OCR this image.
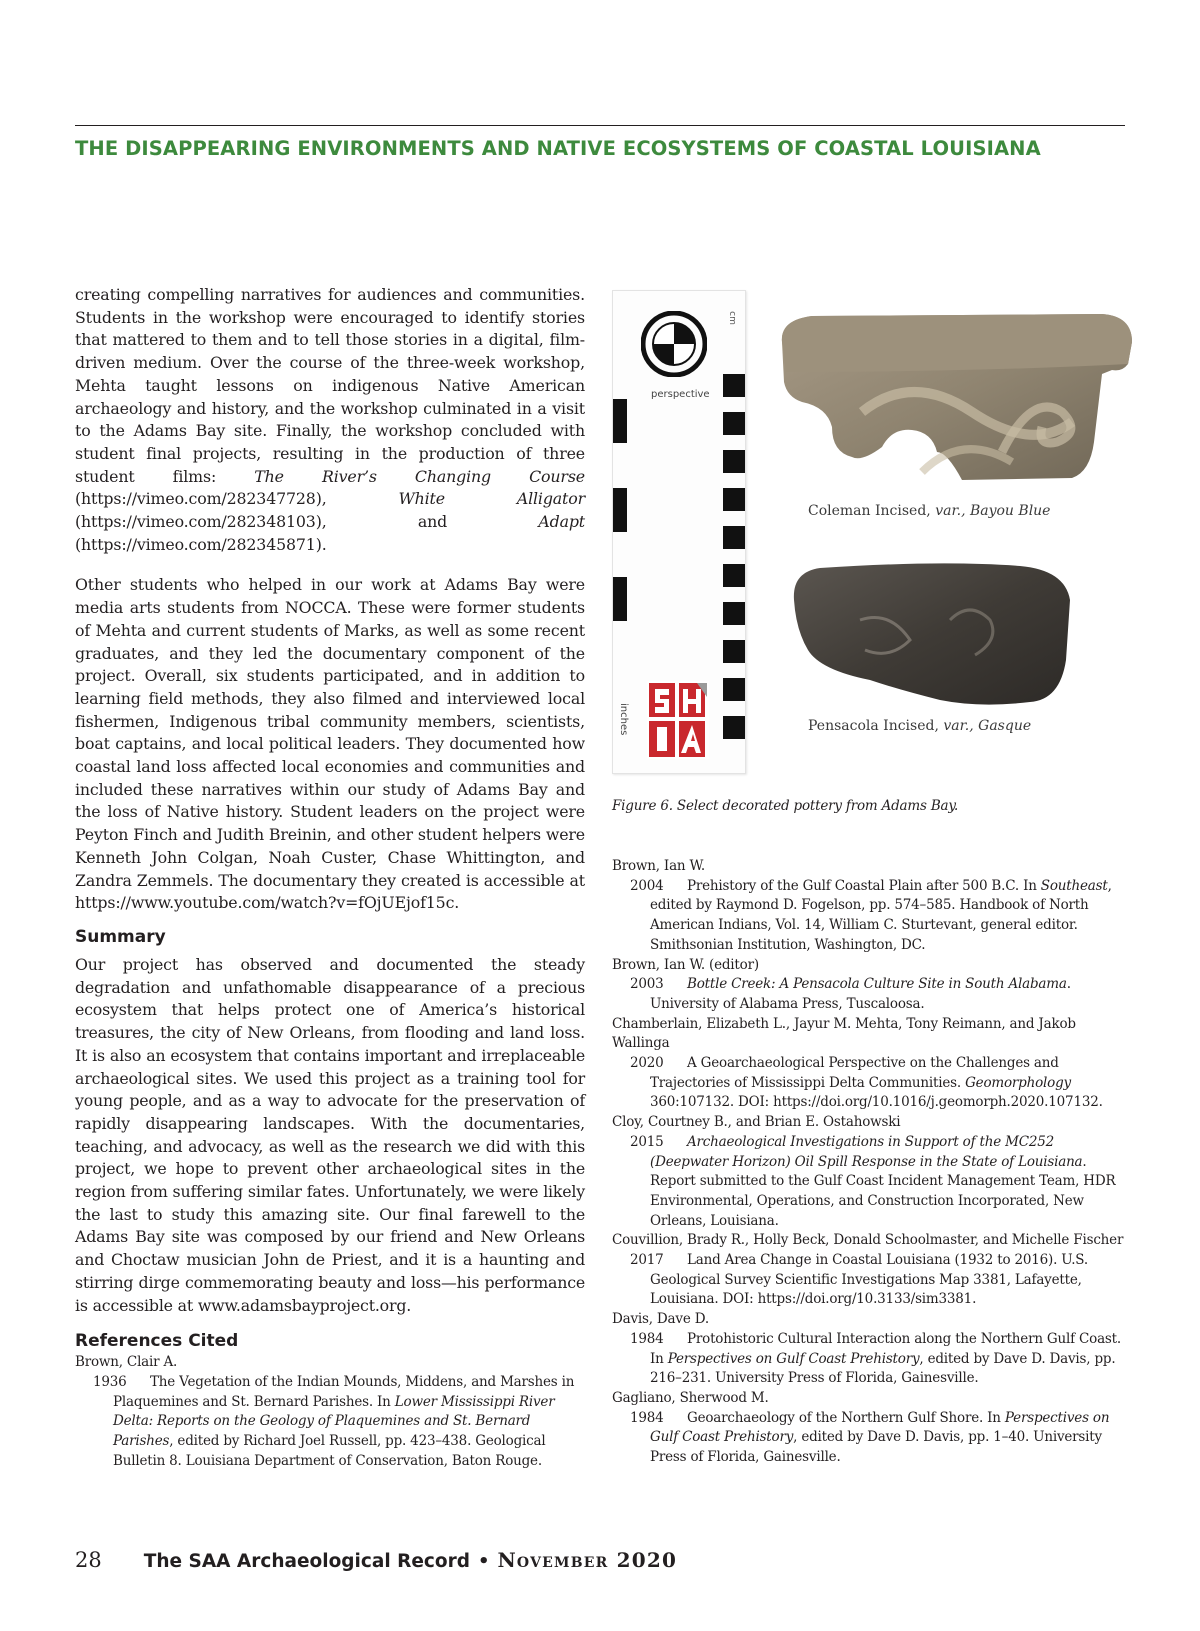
THE DISAPPEARING ENVIRONMENTS AND NATIVE ECOSYSTEMS OF COASTAL LOUISIANA

creating compelling narratives for audiences and communities. Students in the workshop were encouraged to identify stories that mattered to them and to tell those stories in a digital, film-driven medium. Over the course of the three-week workshop, Mehta taught lessons on indigenous Native American archaeology and history, and the workshop culminated in a visit to the Adams Bay site. Finally, the workshop concluded with student final projects, resulting in the production of three student films: The River’s Changing Course (https://vimeo.com/282347728), White Alligator (https://vimeo.com/282348103), and Adapt (https://vimeo.com/282345871).

Other students who helped in our work at Adams Bay were media arts students from NOCCA. These were former students of Mehta and current students of Marks, as well as some recent graduates, and they led the documentary component of the project. Overall, six students participated, and in addition to learning field methods, they also filmed and interviewed local fishermen, Indigenous tribal community members, scientists, boat captains, and local political leaders. They documented how coastal land loss affected local economies and communities and included these narratives within our study of Adams Bay and the loss of Native history. Student leaders on the project were Peyton Finch and Judith Breinin, and other student helpers were Kenneth John Colgan, Noah Custer, Chase Whittington, and Zandra Zemmels. The documentary they created is accessible at https://www.youtube.com/watch?v=fOjUEjof15c.

Summary

Our project has observed and documented the steady degradation and unfathomable disappearance of a precious ecosystem that helps protect one of America’s historical treasures, the city of New Orleans, from flooding and land loss. It is also an ecosystem that contains important and irreplaceable archaeological sites. We used this project as a training tool for young people, and as a way to advocate for the preservation of rapidly disappearing landscapes. With the documentaries, teaching, and advocacy, as well as the research we did with this project, we hope to prevent other archaeological sites in the region from suffering similar fates. Unfortunately, we were likely the last to study this amazing site. Our final farewell to the Adams Bay site was composed by our friend and New Orleans and Choctaw musician John de Priest, and it is a haunting and stirring dirge commemorating beauty and loss—his performance is accessible at www.adamsbayproject.org.

References Cited
Brown, Clair A.
1936 The Vegetation of the Indian Mounds, Middens, and Marshes in Plaquemines and St. Bernard Parishes. In Lower Mississippi River Delta: Reports on the Geology of Plaquemines and St. Bernard Parishes, edited by Richard Joel Russell, pp. 423–438. Geological Bulletin 8. Louisiana Department of Conservation, Baton Rouge.
cm
perspective
inches
Coleman Incised, var., Bayou Blue
Pensacola Incised, var., Gasque
Figure 6. Select decorated pottery from Adams Bay.
Brown, Ian W.
2004 Prehistory of the Gulf Coastal Plain after 500 B.C. In Southeast, edited by Raymond D. Fogelson, pp. 574–585. Handbook of North American Indians, Vol. 14, William C. Sturtevant, general editor. Smithsonian Institution, Washington, DC.
Brown, Ian W. (editor)
2003 Bottle Creek: A Pensacola Culture Site in South Alabama. University of Alabama Press, Tuscaloosa.
Chamberlain, Elizabeth L., Jayur M. Mehta, Tony Reimann, and Jakob Wallinga
2020 A Geoarchaeological Perspective on the Challenges and Trajectories of Mississippi Delta Communities. Geomorphology 360:107132. DOI: https://doi.org/10.1016/j.geomorph.2020.107132.
Cloy, Courtney B., and Brian E. Ostahowski
2015 Archaeological Investigations in Support of the MC252 (Deepwater Horizon) Oil Spill Response in the State of Louisiana. Report submitted to the Gulf Coast Incident Management Team, HDR Environmental, Operations, and Construction Incorporated, New Orleans, Louisiana.
Couvillion, Brady R., Holly Beck, Donald Schoolmaster, and Michelle Fischer
2017 Land Area Change in Coastal Louisiana (1932 to 2016). U.S. Geological Survey Scientific Investigations Map 3381, Lafayette, Louisiana. DOI: https://doi.org/10.3133/sim3381.
Davis, Dave D.
1984 Protohistoric Cultural Interaction along the Northern Gulf Coast. In Perspectives on Gulf Coast Prehistory, edited by Dave D. Davis, pp. 216–231. University Press of Florida, Gainesville.
Gagliano, Sherwood M.
1984 Geoarchaeology of the Northern Gulf Shore. In Perspectives on Gulf Coast Prehistory, edited by Dave D. Davis, pp. 1–40. University Press of Florida, Gainesville.
28 The SAA Archaeological Record • November 2020
